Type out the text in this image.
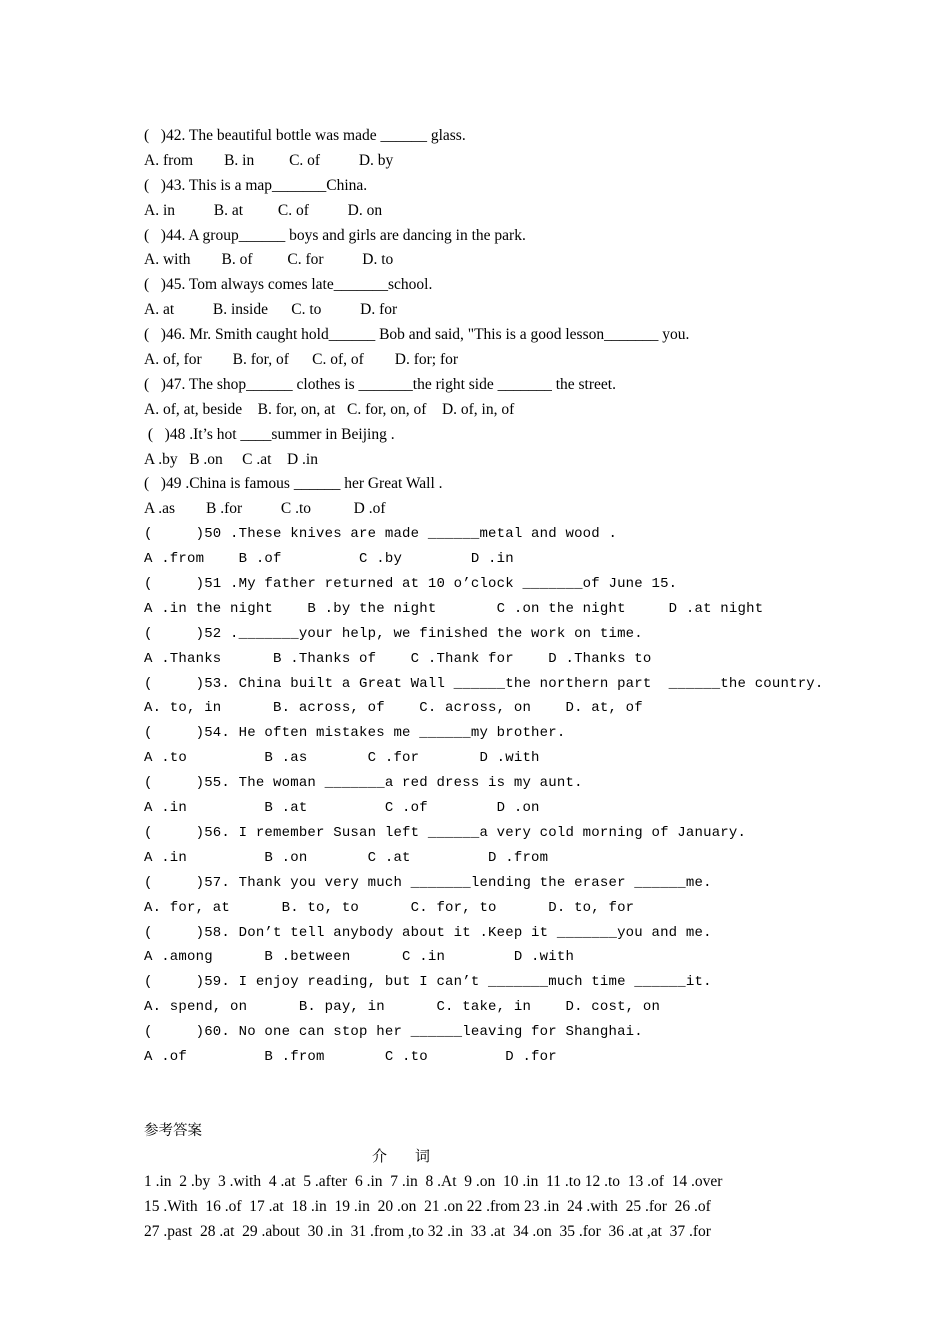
(   )42. The beautiful bottle was made ______ glass.
A. from        B. in         C. of          D. by
(   )43. This is a map_______China.
A. in          B. at         C. of          D. on
(   )44. A group______ boys and girls are dancing in the park.
A. with        B. of         C. for          D. to
(   )45. Tom always comes late_______school.
A. at          B. inside      C. to          D. for
(   )46. Mr. Smith caught hold______ Bob and said, "This is a good lesson_______ you.
A. of, for        B. for, of      C. of, of        D. for; for
(   )47. The shop______ clothes is _______the right side _______ the street.
A. of, at, beside    B. for, on, at   C. for, on, of    D. of, in, of
(   )48 .It’s hot ____summer in Beijing .
A .by   B .on     C .at    D .in
(   )49 .China is famous ______ her Great Wall .
A .as        B .for          C .to           D .of
(     )50 .These knives are made ______metal and wood .
A .from    B .of         C .by        D .in
(     )51 .My father returned at 10 o’clock _______of June 15.
A .in the night    B .by the night       C .on the night     D .at night
(     )52 ._______your help, we finished the work on time.
A .Thanks      B .Thanks of    C .Thank for    D .Thanks to
(     )53. China built a Great Wall ______the northern part  ______the country.
A. to, in      B. across, of    C. across, on    D. at, of
(     )54. He often mistakes me ______my brother.
A .to         B .as       C .for       D .with
(     )55. The woman _______a red dress is my aunt.
A .in         B .at         C .of        D .on
(     )56. I remember Susan left ______a very cold morning of January.
A .in         B .on       C .at         D .from
(     )57. Thank you very much _______lending the eraser ______me.
A. for, at      B. to, to      C. for, to      D. to, for
(     )58. Don’t tell anybody about it .Keep it _______you and me.
A .among      B .between      C .in        D .with
(     )59. I enjoy reading, but I can’t _______much time ______it.
A. spend, on      B. pay, in      C. take, in    D. cost, on
(     )60. No one can stop her ______leaving for Shanghai.
A .of         B .from       C .to         D .for
参考答案
介词
1 .in  2 .by  3 .with  4 .at  5 .after  6 .in  7 .in  8 .At  9 .on  10 .in  11 .to 12 .to  13 .of  14 .over
15 .With  16 .of  17 .at  18 .in  19 .in  20 .on  21 .on 22 .from 23 .in  24 .with  25 .for  26 .of
27 .past  28 .at  29 .about  30 .in  31 .from ,to 32 .in  33 .at  34 .on  35 .for  36 .at ,at  37 .for
